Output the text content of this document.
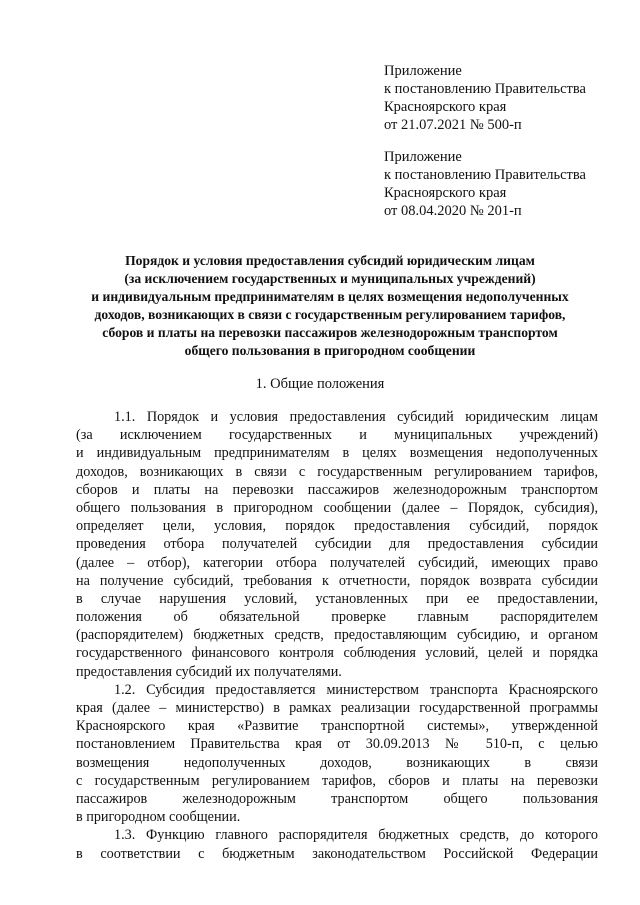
Приложение
к постановлению Правительства
Красноярского края
от 21.07.2021 № 500-п
Приложение
к постановлению Правительства
Красноярского края
от 08.04.2020 № 201-п
Порядок и условия предоставления субсидий юридическим лицам
(за исключением государственных и муниципальных учреждений)
и индивидуальным предпринимателям в целях возмещения недополученных
доходов, возникающих в связи с государственным регулированием тарифов,
сборов и платы на перевозки пассажиров железнодорожным транспортом
общего пользования в пригородном сообщении
1. Общие положения
1.1. Порядок и условия предоставления субсидий юридическим лицам
(за исключением государственных и муниципальных учреждений)
и индивидуальным предпринимателям в целях возмещения недополученных
доходов, возникающих в связи с государственным регулированием тарифов,
сборов и платы на перевозки пассажиров железнодорожным транспортом
общего пользования в пригородном сообщении (далее – Порядок, субсидия),
определяет цели, условия, порядок предоставления субсидий, порядок
проведения отбора получателей субсидии для предоставления субсидии
(далее – отбор), категории отбора получателей субсидий, имеющих право
на получение субсидий, требования к отчетности, порядок возврата субсидии
в случае нарушения условий, установленных при ее предоставлении,
положения об обязательной проверке главным распорядителем
(распорядителем) бюджетных средств, предоставляющим субсидию, и органом
государственного финансового контроля соблюдения условий, целей и порядка
предоставления субсидий их получателями.
1.2. Субсидия предоставляется министерством транспорта Красноярского
края (далее – министерство) в рамках реализации государственной программы
Красноярского края «Развитие транспортной системы», утвержденной
постановлением Правительства края от 30.09.2013 № 510-п, с целью
возмещения недополученных доходов, возникающих в связи
с государственным регулированием тарифов, сборов и платы на перевозки
пассажиров железнодорожным транспортом общего пользования
в пригородном сообщении.
1.3. Функцию главного распорядителя бюджетных средств, до которого
в соответствии с бюджетным законодательством Российской Федерации
